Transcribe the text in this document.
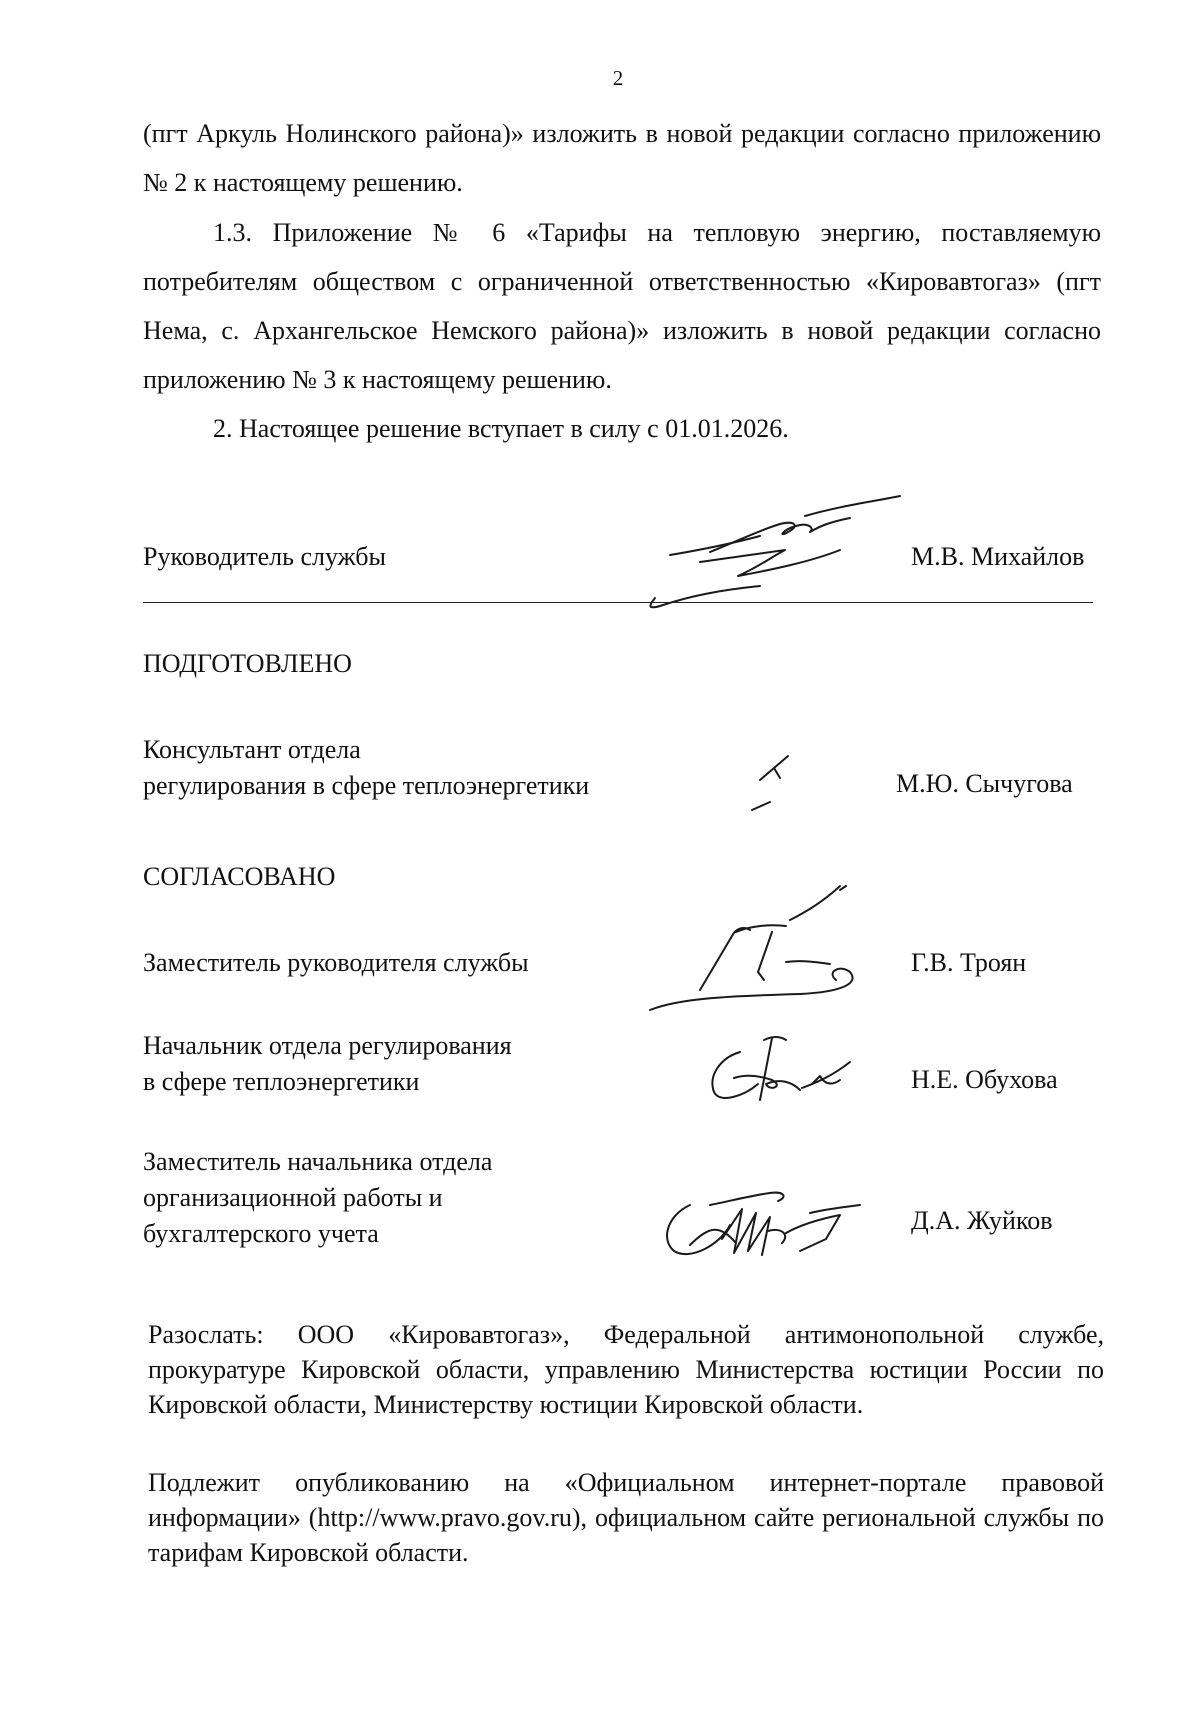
2

(пгт Аркуль Нолинского района)» изложить в новой редакции согласно приложению № 2 к настоящему решению.

1.3. Приложение № 6 «Тарифы на тепловую энергию, поставляемую потребителям обществом с ограниченной ответственностью «Кировавтогаз» (пгт Нема, с. Архангельское Немского района)» изложить в новой редакции согласно приложению № 3 к настоящему решению.

2. Настоящее решение вступает в силу с 01.01.2026.

Руководитель службы	М.В. Михайлов
ПОДГОТОВЛЕНО
Консультант отдела
регулирования в сфере теплоэнергетики	М.Ю. Сычугова
СОГЛАСОВАНО
Заместитель руководителя службы	Г.В. Троян
Начальник отдела регулирования
в сфере теплоэнергетики	Н.Е. Обухова
Заместитель начальника отдела
организационной работы и
бухгалтерского учета	Д.А. Жуйков
Разослать: ООО «Кировавтогаз», Федеральной антимонопольной службе, прокуратуре Кировской области, управлению Министерства юстиции России по Кировской области, Министерству юстиции Кировской области.
Подлежит опубликованию на «Официальном интернет-портале правовой информации» (http://www.pravo.gov.ru), официальном сайте региональной службы по тарифам Кировской области.
